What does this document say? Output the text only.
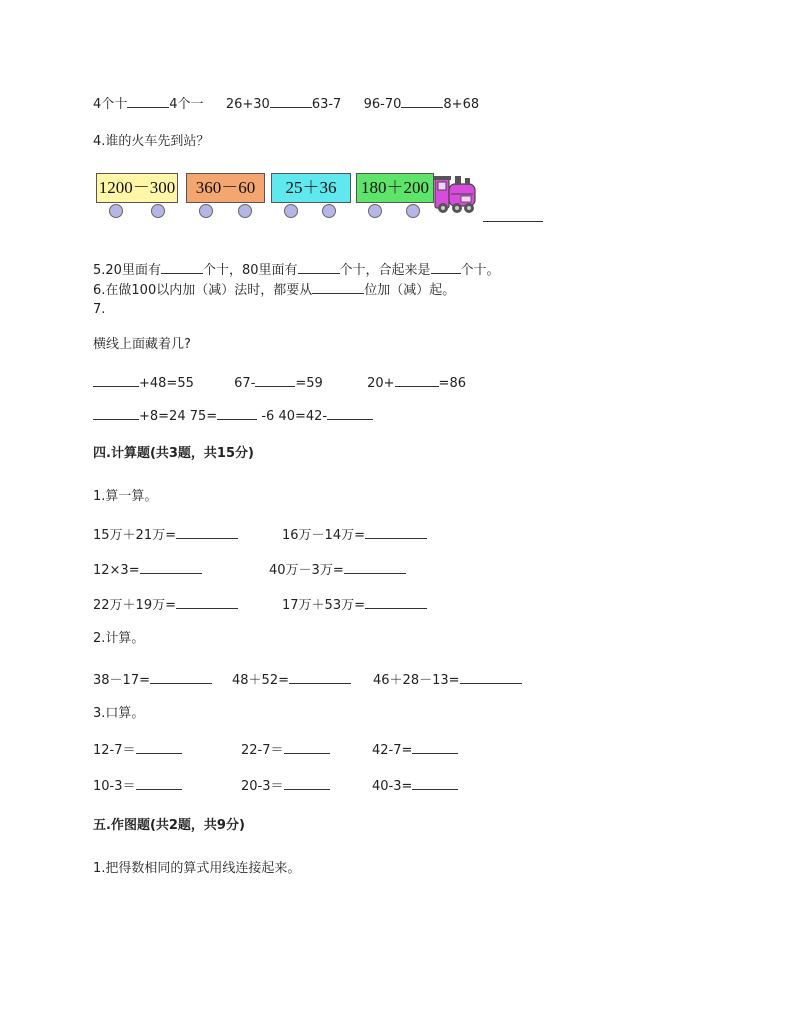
4个十	4个一 26+30	63-7 96-70	8+68
4.谁的火车先到站？
1200－300	360－60	25＋36	180＋200
5.20里面有	个十，80里面有	个十，合起来是 个十。
6.在做100以内加（减）法时，都要从	位加（减）起。
7.
横线上面藏着几?
+48=55	67-	=59	20+	=86
+8=24 75=	-6 40=42-
四.计算题(共3题，共15分)
1.算一算。
15万＋21万=	16万－14万=
12×3=	40万－3万=
22万＋19万=	17万＋53万=
2.计算。
38－17=	48＋52=	46＋28－13=
3.口算。
12-7＝	22-7＝	42-7=
10-3＝	20-3＝	40-3=
五.作图题(共2题，共9分)
1.把得数相同的算式用线连接起来。
